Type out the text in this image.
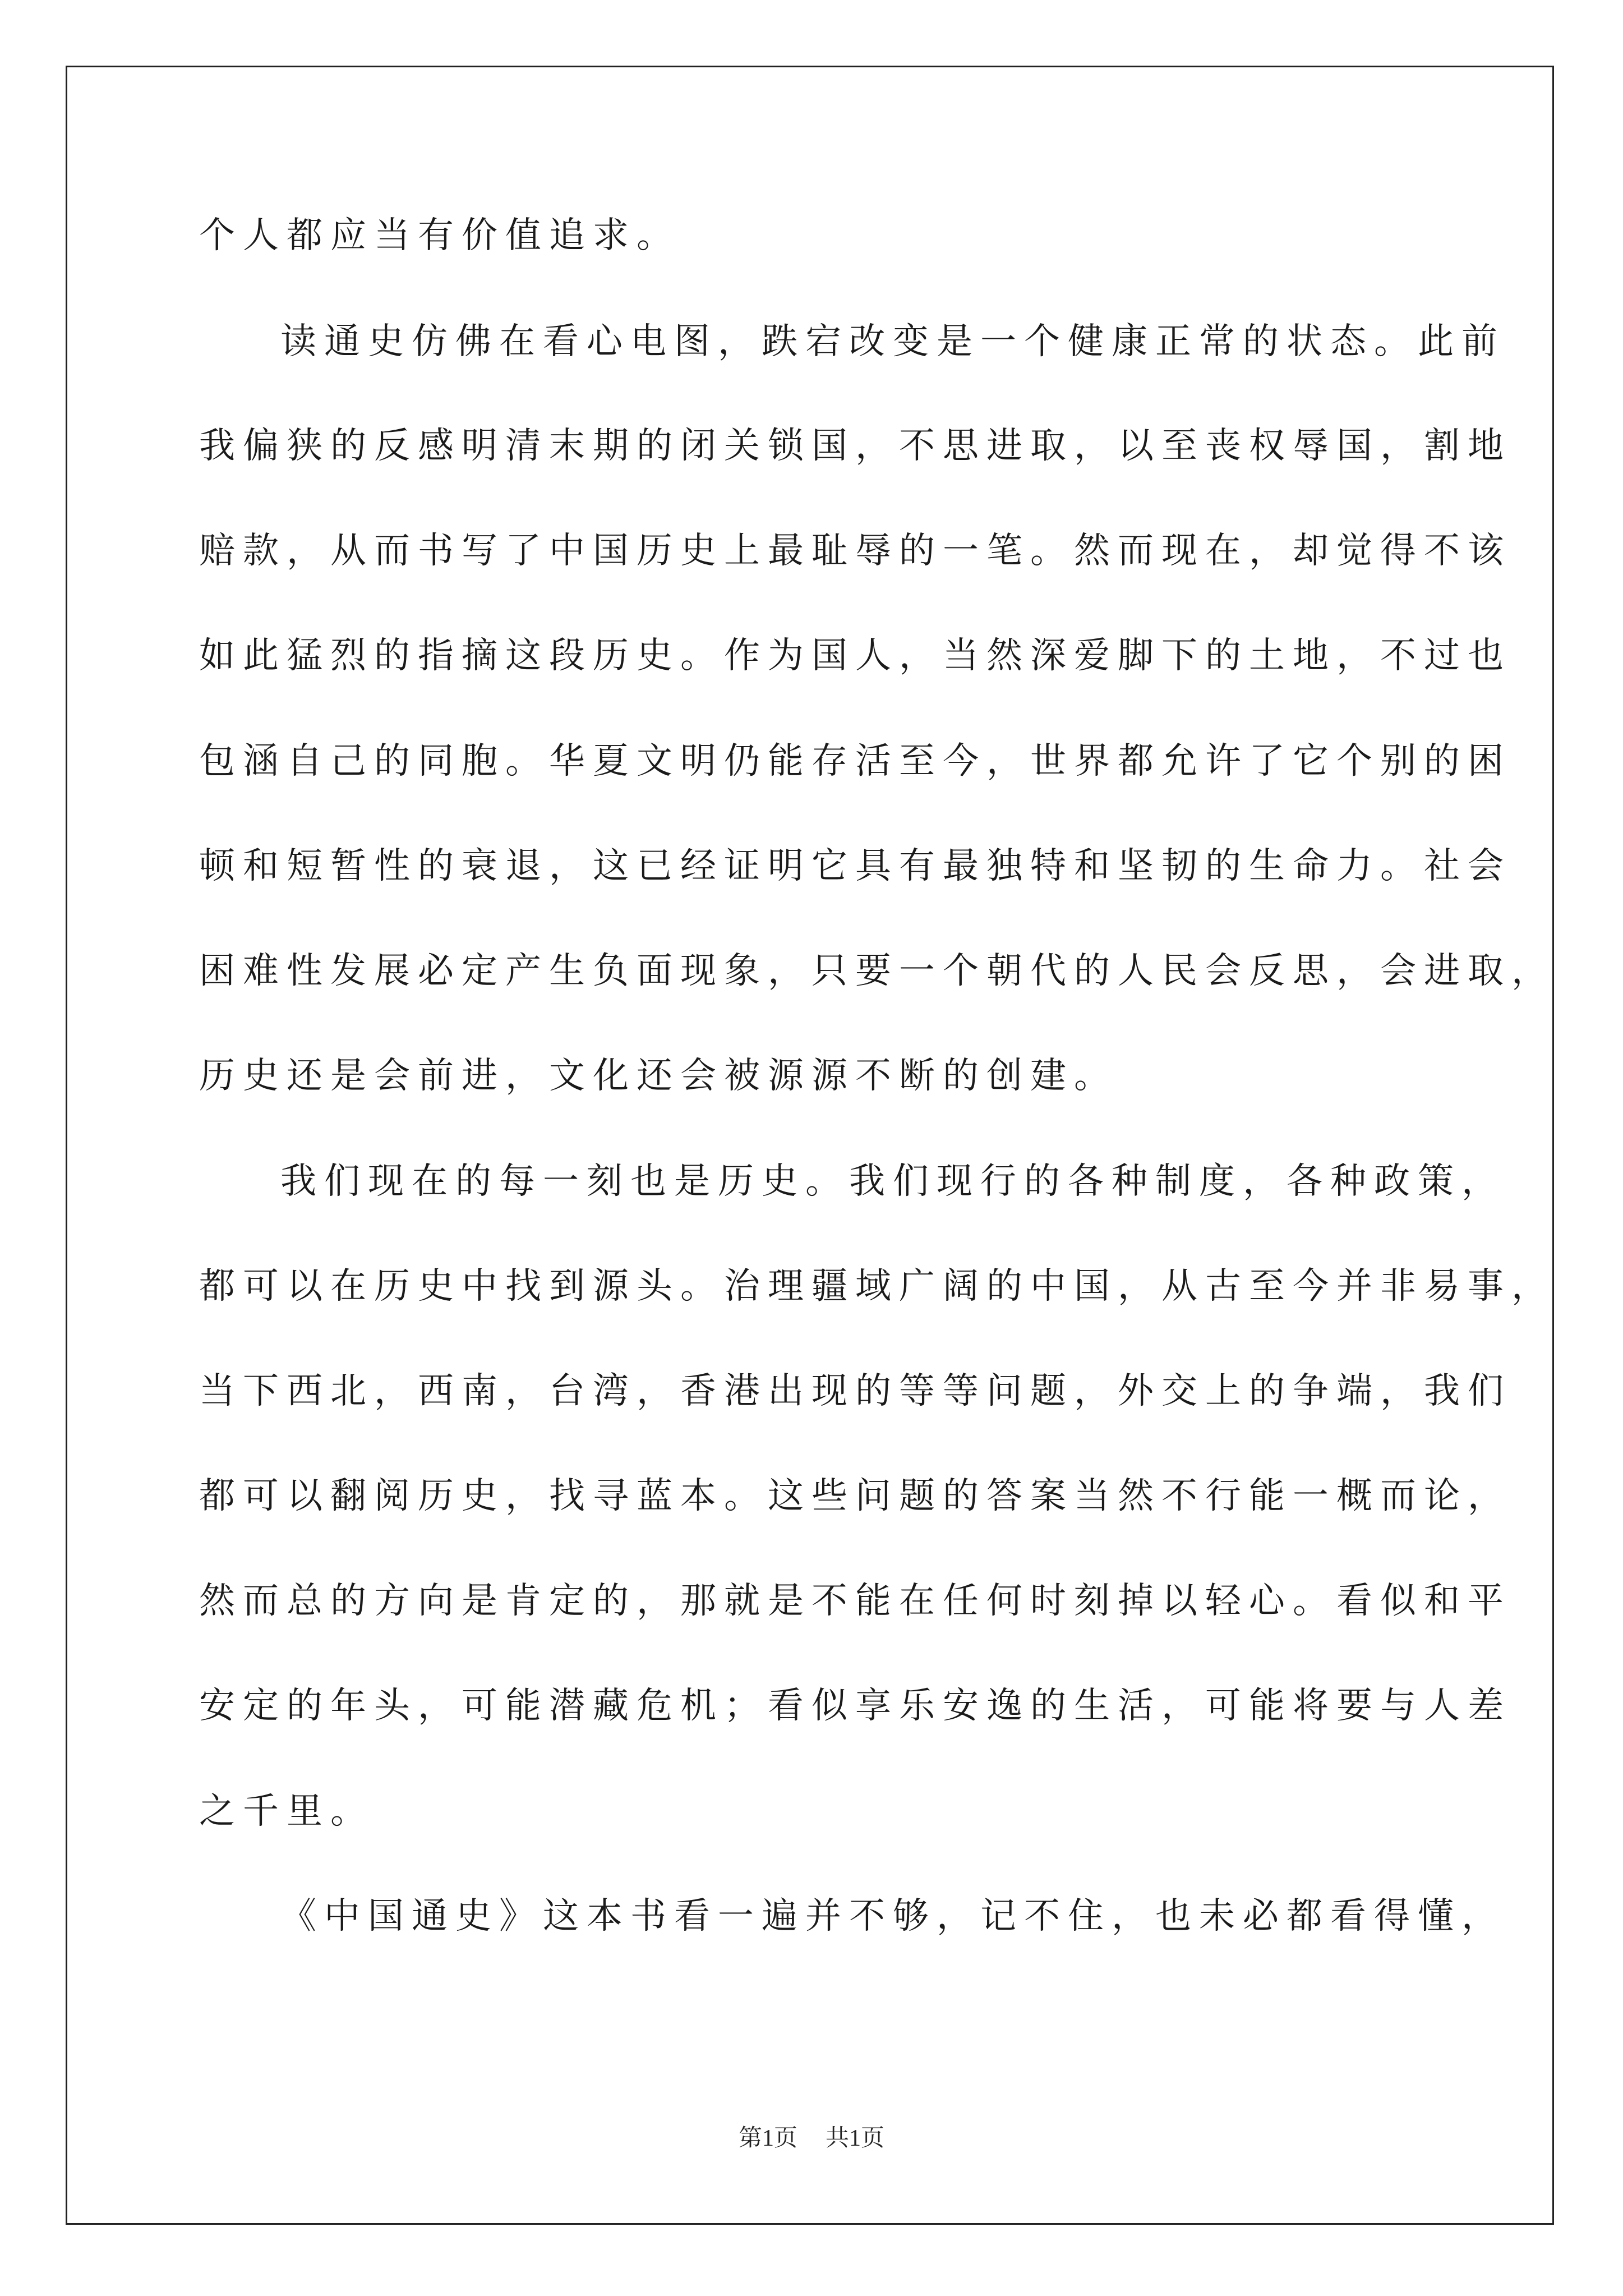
个人都应当有价值追求。
读通史仿佛在看心电图，跌宕改变是一个健康正常的状态。此前
我偏狭的反感明清末期的闭关锁国，不思进取，以至丧权辱国，割地
赔款，从而书写了中国历史上最耻辱的一笔。然而现在，却觉得不该
如此猛烈的指摘这段历史。作为国人，当然深爱脚下的土地，不过也
包涵自己的同胞。华夏文明仍能存活至今，世界都允许了它个别的困
顿和短暂性的衰退，这已经证明它具有最独特和坚韧的生命力。社会
困难性发展必定产生负面现象，只要一个朝代的人民会反思，会进取，
历史还是会前进，文化还会被源源不断的创建。
我们现在的每一刻也是历史。我们现行的各种制度，各种政策，
都可以在历史中找到源头。治理疆域广阔的中国，从古至今并非易事，
当下西北，西南，台湾，香港出现的等等问题，外交上的争端，我们
都可以翻阅历史，找寻蓝本。这些问题的答案当然不行能一概而论，
然而总的方向是肯定的，那就是不能在任何时刻掉以轻心。看似和平
安定的年头，可能潜藏危机；看似享乐安逸的生活，可能将要与人差
之千里。
《中国通史》这本书看一遍并不够，记不住，也未必都看得懂，
第1页 共1页
